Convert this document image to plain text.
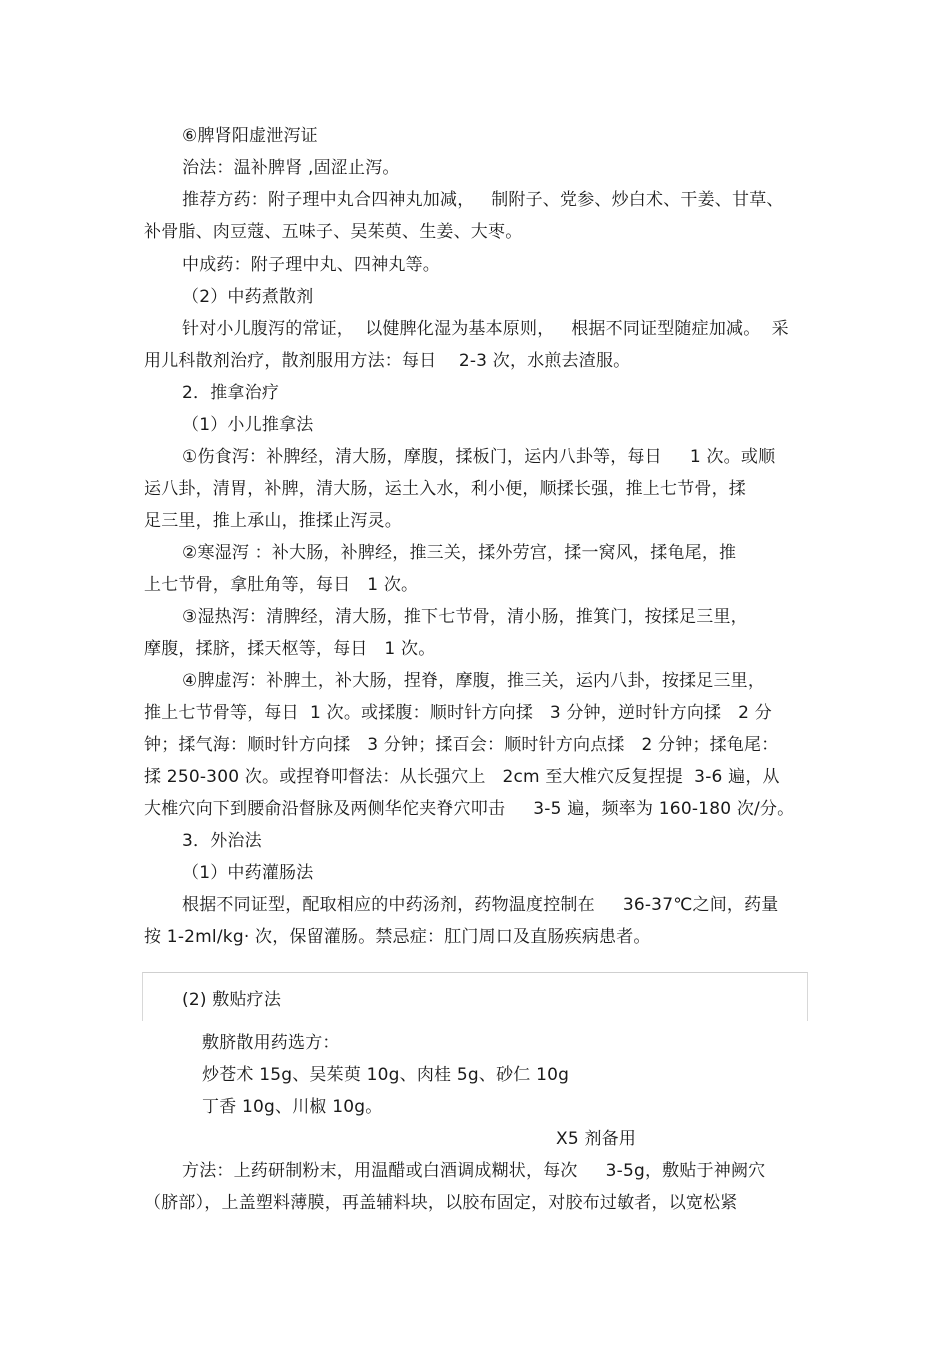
⑥脾肾阳虚泄泻证
治法：温补脾肾 ,固涩止泻。
推荐方药：附子理中丸合四神丸加减，   制附子、党参、炒白术、干姜、甘草、
补骨脂、肉豆蔻、五味子、吴茱萸、生姜、大枣。
中成药：附子理中丸、四神丸等。
（2）中药煮散剂
针对小儿腹泻的常证，  以健脾化湿为基本原则，   根据不同证型随症加减。  采
用儿科散剂治疗，散剂服用方法：每日    2-3 次，水煎去渣服。
2．推拿治疗
（1）小儿推拿法
①伤食泻：补脾经，清大肠，摩腹，揉板门，运内八卦等，每日     1 次。或顺
运八卦，清胃，补脾，清大肠，运土入水，利小便，顺揉长强，推上七节骨，揉
足三里，推上承山，推揉止泻灵。
②寒湿泻 ：补大肠，补脾经，推三关，揉外劳宫，揉一窝风，揉龟尾，推
上七节骨，拿肚角等，每日   1 次。
③湿热泻：清脾经，清大肠，推下七节骨，清小肠，推箕门，按揉足三里，
摩腹，揉脐，揉天枢等，每日   1 次。
④脾虚泻：补脾土，补大肠，捏脊，摩腹，推三关，运内八卦，按揉足三里，
推上七节骨等，每日  1 次。或揉腹：顺时针方向揉   3 分钟，逆时针方向揉   2 分
钟；揉气海：顺时针方向揉   3 分钟；揉百会：顺时针方向点揉   2 分钟；揉龟尾：
揉 250-300 次。或捏脊叩督法：从长强穴上   2cm 至大椎穴反复捏提  3-6 遍，从
大椎穴向下到腰俞沿督脉及两侧华佗夹脊穴叩击     3-5 遍，频率为 160-180 次/分。
3．外治法
（1）中药灌肠法
根据不同证型，配取相应的中药汤剂，药物温度控制在     36-37℃之间，药量
按 1-2ml/kg· 次，保留灌肠。禁忌症：肛门周口及直肠疾病患者。
(2) 敷贴疗法
敷脐散用药选方：
炒苍术 15g、吴茱萸 10g、肉桂 5g、砂仁 10g
丁香 10g、川椒 10g。
X5 剂备用
方法：上药研制粉末，用温醋或白酒调成糊状，每次     3-5g，敷贴于神阙穴
（脐部），上盖塑料薄膜，再盖辅料块，以胶布固定，对胶布过敏者，以宽松紧
